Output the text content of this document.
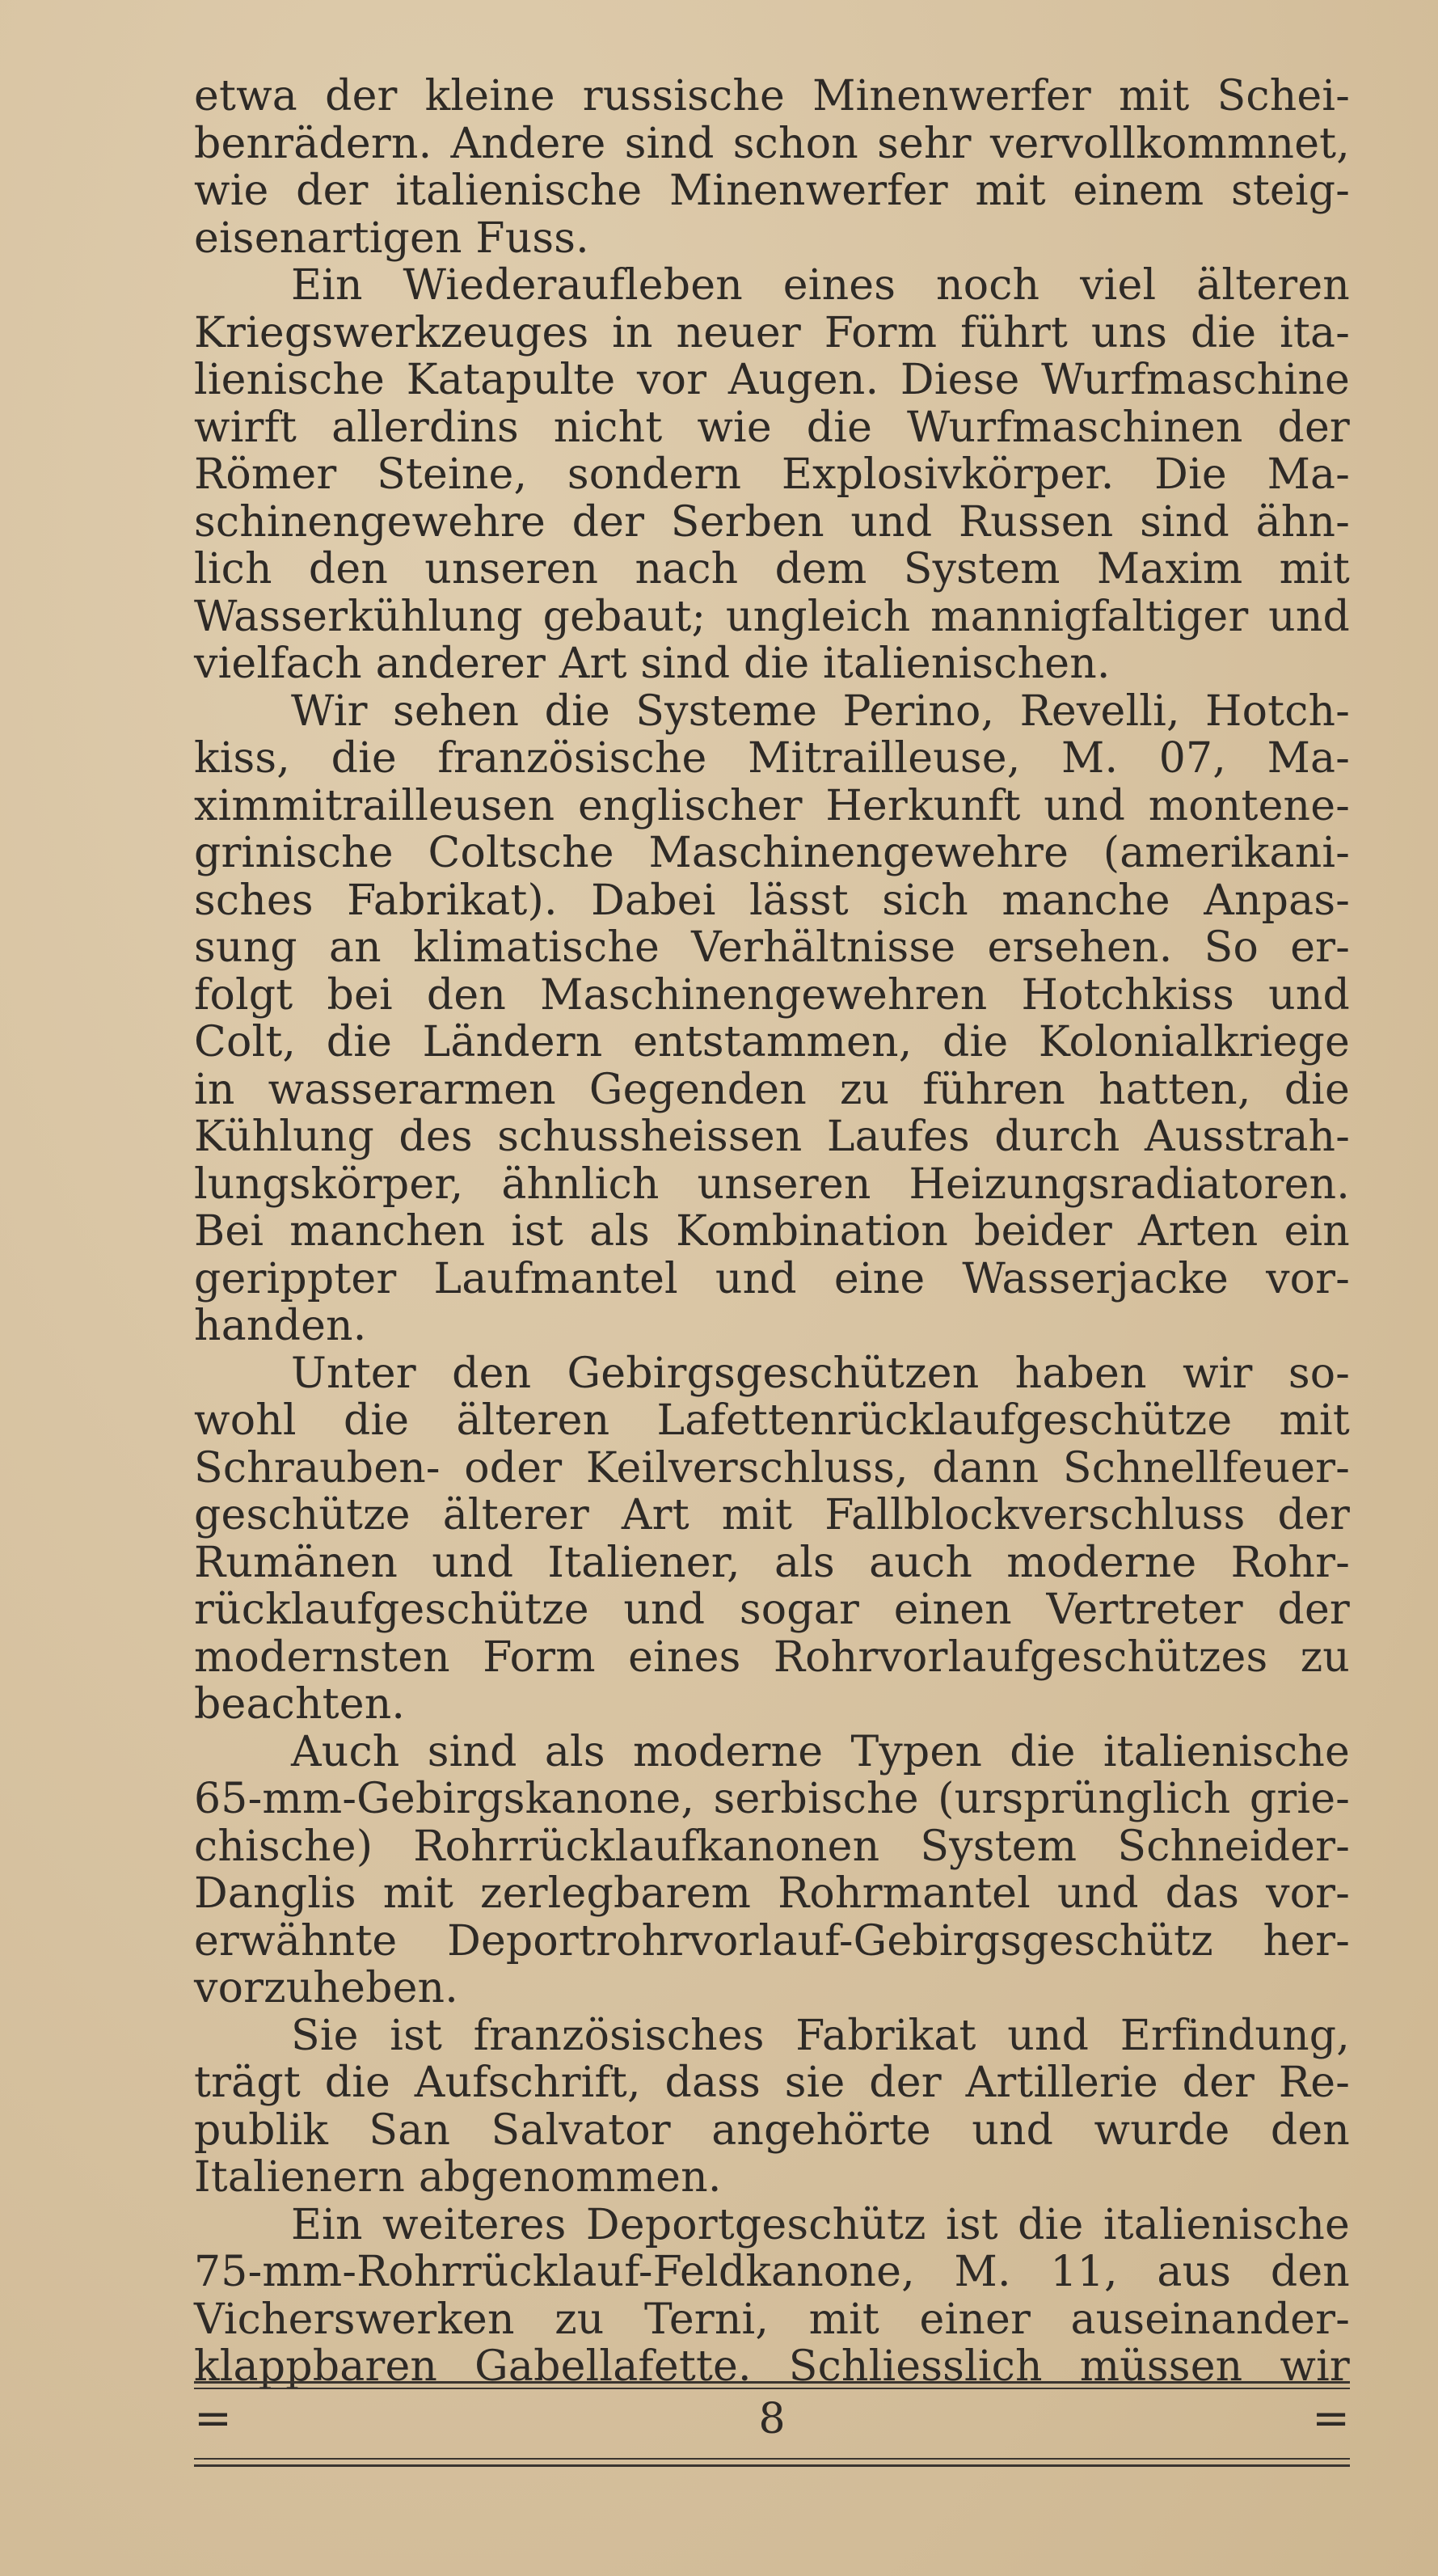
etwa der kleine russische Minenwerfer mit Schei-
benrädern. Andere sind schon sehr vervollkommnet,
wie der italienische Minenwerfer mit einem steig-
eisenartigen Fuss.
Ein Wiederaufleben eines noch viel älteren
Kriegswerkzeuges in neuer Form führt uns die ita-
lienische Katapulte vor Augen. Diese Wurfmaschine
wirft allerdins nicht wie die Wurfmaschinen der
Römer Steine, sondern Explosivkörper. Die Ma-
schinengewehre der Serben und Russen sind ähn-
lich den unseren nach dem System Maxim mit
Wasserkühlung gebaut; ungleich mannigfaltiger und
vielfach anderer Art sind die italienischen.
Wir sehen die Systeme Perino, Revelli, Hotch-
kiss, die französische Mitrailleuse, M. 07, Ma-
ximmitrailleusen englischer Herkunft und montene-
grinische Coltsche Maschinengewehre (amerikani-
sches Fabrikat). Dabei lässt sich manche Anpas-
sung an klimatische Verhältnisse ersehen. So er-
folgt bei den Maschinengewehren Hotchkiss und
Colt, die Ländern entstammen, die Kolonialkriege
in wasserarmen Gegenden zu führen hatten, die
Kühlung des schussheissen Laufes durch Ausstrah-
lungskörper, ähnlich unseren Heizungsradiatoren.
Bei manchen ist als Kombination beider Arten ein
gerippter Laufmantel und eine Wasserjacke vor-
handen.
Unter den Gebirgsgeschützen haben wir so-
wohl die älteren Lafettenrücklaufgeschütze mit
Schrauben- oder Keilverschluss, dann Schnellfeuer-
geschütze älterer Art mit Fallblockverschluss der
Rumänen und Italiener, als auch moderne Rohr-
rücklaufgeschütze und sogar einen Vertreter der
modernsten Form eines Rohrvorlaufgeschützes zu
beachten.
Auch sind als moderne Typen die italienische
65-mm-Gebirgskanone, serbische (ursprünglich grie-
chische) Rohrrücklaufkanonen System Schneider-
Danglis mit zerlegbarem Rohrmantel und das vor-
erwähnte Deportrohrvorlauf-Gebirgsgeschütz her-
vorzuheben.
Sie ist französisches Fabrikat und Erfindung,
trägt die Aufschrift, dass sie der Artillerie der Re-
publik San Salvator angehörte und wurde den
Italienern abgenommen.
Ein weiteres Deportgeschütz ist die italienische
75-mm-Rohrrücklauf-Feldkanone, M. 11, aus den
Vicherswerken zu Terni, mit einer auseinander-
klappbaren Gabellafette. Schliesslich müssen wir
=	8	=
